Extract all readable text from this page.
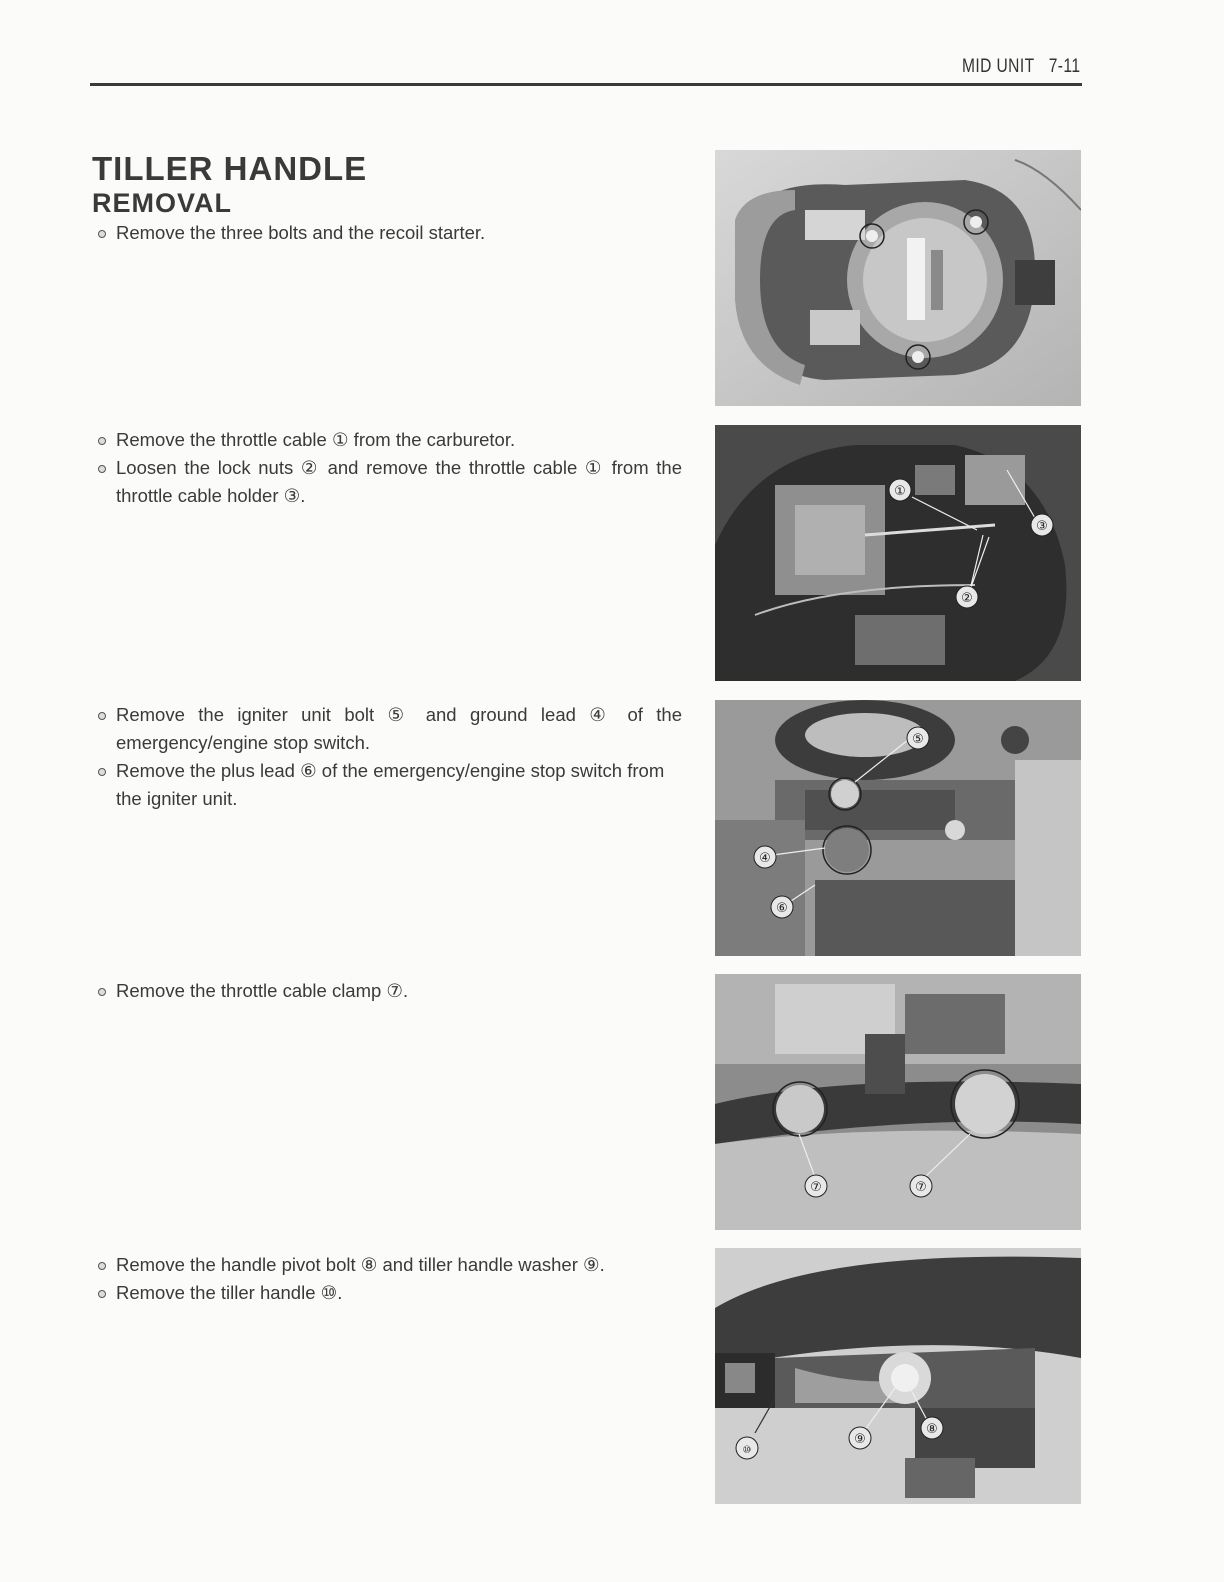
MID UNIT 7-11
TILLER HANDLE
REMOVAL

Remove the three bolts and the recoil starter.

Remove the throttle cable ① from the carburetor.

Loosen the lock nuts ② and remove the throttle cable ① from the throttle cable holder ③.

Remove the igniter unit bolt ⑤ and ground lead ④ of the emergency/engine stop switch.

Remove the plus lead ⑥ of the emergency/engine stop switch from the igniter unit.

Remove the throttle cable clamp ⑦.

Remove the handle pivot bolt ⑧ and tiller handle washer ⑨.

Remove the tiller handle ⑩.

①
③
②
⑤
④
⑥
⑦	⑦
⑧
⑨
⑩
